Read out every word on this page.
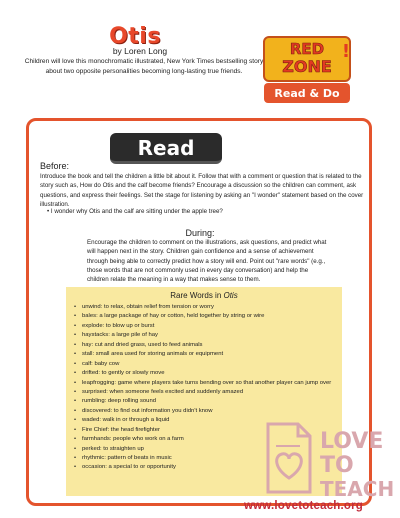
Otis
by Loren Long
Children will love this monochromatic illustrated, New York Times bestselling story about two opposite personalities becoming long-lasting true friends.
RED
ZONE
!
Read & Do
Read
Before:
Introduce the book and tell the children a little bit about it. Follow that with a comment or question that is related to the story such as, How do Otis and the calf become friends? Encourage a discussion so the children can comment, ask questions, and express their feelings. Set the stage for listening by asking an "I wonder" statement based on the cover illustration.
• I wonder why Otis and the calf are sitting under the apple tree?
During:
Encourage the children to comment on the illustrations, ask questions, and predict what will happen next in the story. Children gain confidence and a sense of achievement through being able to correctly predict how a story will end. Point out "rare words" (e.g., those words that are not commonly used in every day conversation) and help the children relate the meaning in a way that makes sense to them.
Rare Words in Otis
• unwind: to relax, obtain relief from tension or worry
• bales: a large package of hay or cotton, held together by string or wire
• explode: to blow up or burst
• haystacks: a large pile of hay
• hay: cut and dried grass, used to feed animals
• stall: small area used for storing animals or equipment
• calf: baby cow
• drifted: to gently or slowly move
• leapfrogging: game where players take turns bending over so that another player can jump over
• surprised: when someone feels excited and suddenly amazed
• rumbling: deep rolling sound
• discovered: to find out information you didn't know
• waded: walk in or through a liquid
• Fire Chief: the head firefighter
• farmhands: people who work on a farm
• perked: to straighten up
• rhythmic: pattern of beats in music
• occasion: a special to or opportunity
LOVE
TO
TEACH
www.lovetoteach.org
